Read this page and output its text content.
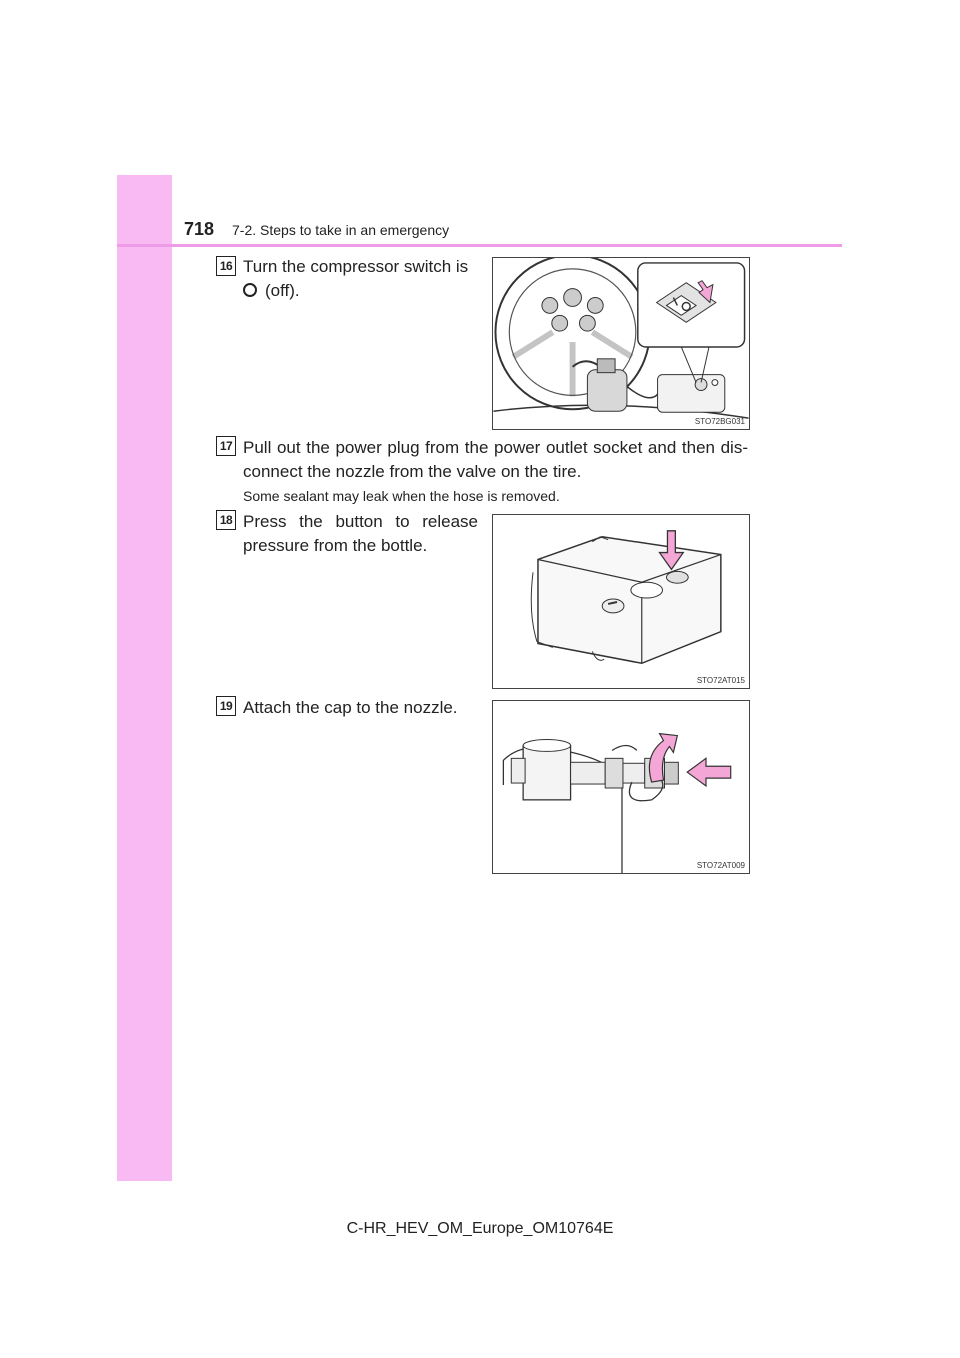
718 7-2. Steps to take in an emergency
16 Turn the compressor switch is
(off).
STO72BG031
17 Pull out the power plug from the power outlet socket and then dis-connect the nozzle from the valve on the tire.
Some sealant may leak when the hose is removed.
18 Press the button to release pressure from the bottle.
STO72AT015
19 Attach the cap to the nozzle.
STO72AT009
C-HR_HEV_OM_Europe_OM10764E
